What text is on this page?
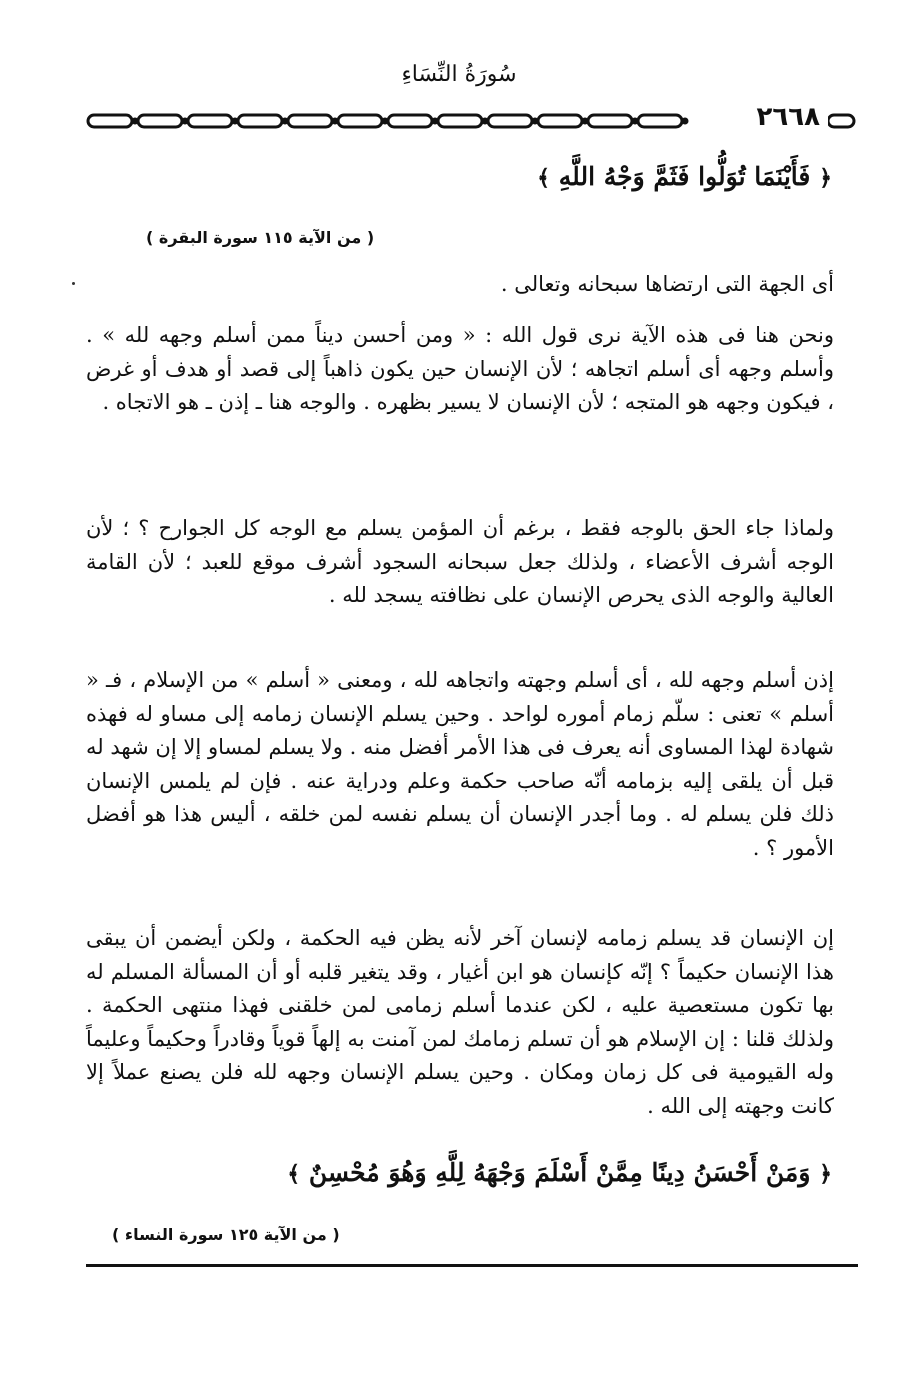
سُورَةُ النِّسَاءِ
٢٦٦٨
﴿ فَأَيْنَمَا تُوَلُّوا فَثَمَّ وَجْهُ اللَّهِ ﴾
( من الآية ١١٥ سورة البقرة )
أى الجهة التى ارتضاها سبحانه وتعالى .
ونحن هنا فى هذه الآية نرى قول الله : « ومن أحسن ديناً ممن أسلم وجهه لله » . وأسلم وجهه أى أسلم اتجاهه ؛ لأن الإنسان حين يكون ذاهباً إلى قصد أو هدف أو غرض ، فيكون وجهه هو المتجه ؛ لأن الإنسان لا يسير بظهره . والوجه هنا ـ إذن ـ هو الاتجاه .
ولماذا جاء الحق بالوجه فقط ، برغم أن المؤمن يسلم مع الوجه كل الجوارح ؟ ؛ لأن الوجه أشرف الأعضاء ، ولذلك جعل سبحانه السجود أشرف موقع للعبد ؛ لأن القامة العالية والوجه الذى يحرص الإنسان على نظافته يسجد لله .
إذن أسلم وجهه لله ، أى أسلم وجهته واتجاهه لله ، ومعنى « أسلم » من الإسلام ، فـ « أسلم » تعنى : سلّم زمام أموره لواحد . وحين يسلم الإنسان زمامه إلى مساو له فهذه شهادة لهذا المساوى أنه يعرف فى هذا الأمر أفضل منه . ولا يسلم لمساو إلا إن شهد له قبل أن يلقى إليه بزمامه أنّه صاحب حكمة وعلم ودراية عنه . فإن لم يلمس الإنسان ذلك فلن يسلم له . وما أجدر الإنسان أن يسلم نفسه لمن خلقه ، أليس هذا هو أفضل الأمور ؟ .
إن الإنسان قد يسلم زمامه لإنسان آخر لأنه يظن فيه الحكمة ، ولكن أيضمن أن يبقى هذا الإنسان حكيماً ؟ إنّه كإنسان هو ابن أغيار ، وقد يتغير قلبه أو أن المسألة المسلم له بها تكون مستعصية عليه ، لكن عندما أسلم زمامى لمن خلقنى فهذا منتهى الحكمة . ولذلك قلنا : إن الإسلام هو أن تسلم زمامك لمن آمنت به إلهاً قوياً وقادراً وحكيماً وعليماً وله القيومية فى كل زمان ومكان . وحين يسلم الإنسان وجهه لله فلن يصنع عملاً إلا كانت وجهته إلى الله .
﴿ وَمَنْ أَحْسَنُ دِينًا مِمَّنْ أَسْلَمَ وَجْهَهُ لِلَّهِ وَهُوَ مُحْسِنٌ ﴾
( من الآية ١٢٥ سورة النساء )
